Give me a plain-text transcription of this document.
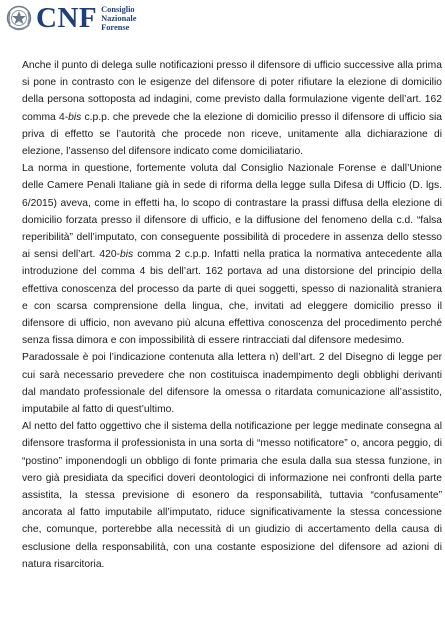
CNF Consiglio
Nazionale
Forense

Anche il punto di delega sulle notificazioni presso il difensore di ufficio successive alla prima si pone in contrasto con le esigenze del difensore di poter rifiutare la elezione di domicilio della persona sottoposta ad indagini, come previsto dalla formulazione vigente dell’art. 162 comma 4-bis c.p.p. che prevede che la elezione di domicilio presso il difensore di ufficio sia priva di effetto se l’autorità che procede non riceve, unitamente alla dichiarazione di elezione, l’assenso del difensore indicato come domiciliatario.

La norma in questione, fortemente voluta dal Consiglio Nazionale Forense e dall’Unione delle Camere Penali Italiane già in sede di riforma della legge sulla Difesa di Ufficio (D. lgs. 6/2015) aveva, come in effetti ha, lo scopo di contrastare la prassi diffusa della elezione di domicilio forzata presso il difensore di ufficio, e la diffusione del fenomeno della c.d. “falsa reperibilità” dell’imputato, con conseguente possibilità di procedere in assenza dello stesso ai sensi dell’art. 420-bis comma 2 c.p.p. Infatti nella pratica la normativa antecedente alla introduzione del comma 4 bis dell’art. 162 portava ad una distorsione del principio della effettiva conoscenza del processo da parte di quei soggetti, spesso di nazionalità straniera e con scarsa comprensione della lingua, che, invitati ad eleggere domicilio presso il difensore di ufficio, non avevano più alcuna effettiva conoscenza del procedimento perché senza fissa dimora e con impossibilità di essere rintracciati dal difensore medesimo.

Paradossale è poi l’indicazione contenuta alla lettera n) dell’art. 2 del Disegno di legge per cui sarà necessario prevedere che non costituisca inadempimento degli obblighi derivanti dal mandato professionale del difensore la omessa o ritardata comunicazione all’assistito, imputabile al fatto di quest’ultimo.

Al netto del fatto oggettivo che il sistema della notificazione per legge medinate consegna al difensore trasforma il professionista in una sorta di “messo notificatore” o, ancora peggio, di “postino” imponendogli un obbligo di fonte primaria che esula dalla sua stessa funzione, in vero già presidiata da specifici doveri deontologici di informazione nei confronti della parte assistita, la stessa previsione di esonero da responsabilità, tuttavia “confusamente” ancorata al fatto imputabile all’imputato, riduce significativamente la stessa concessione che, comunque, porterebbe alla necessità di un giudizio di accertamento della causa di esclusione della responsabilità, con una costante esposizione del difensore ad azioni di natura risarcitoria.
